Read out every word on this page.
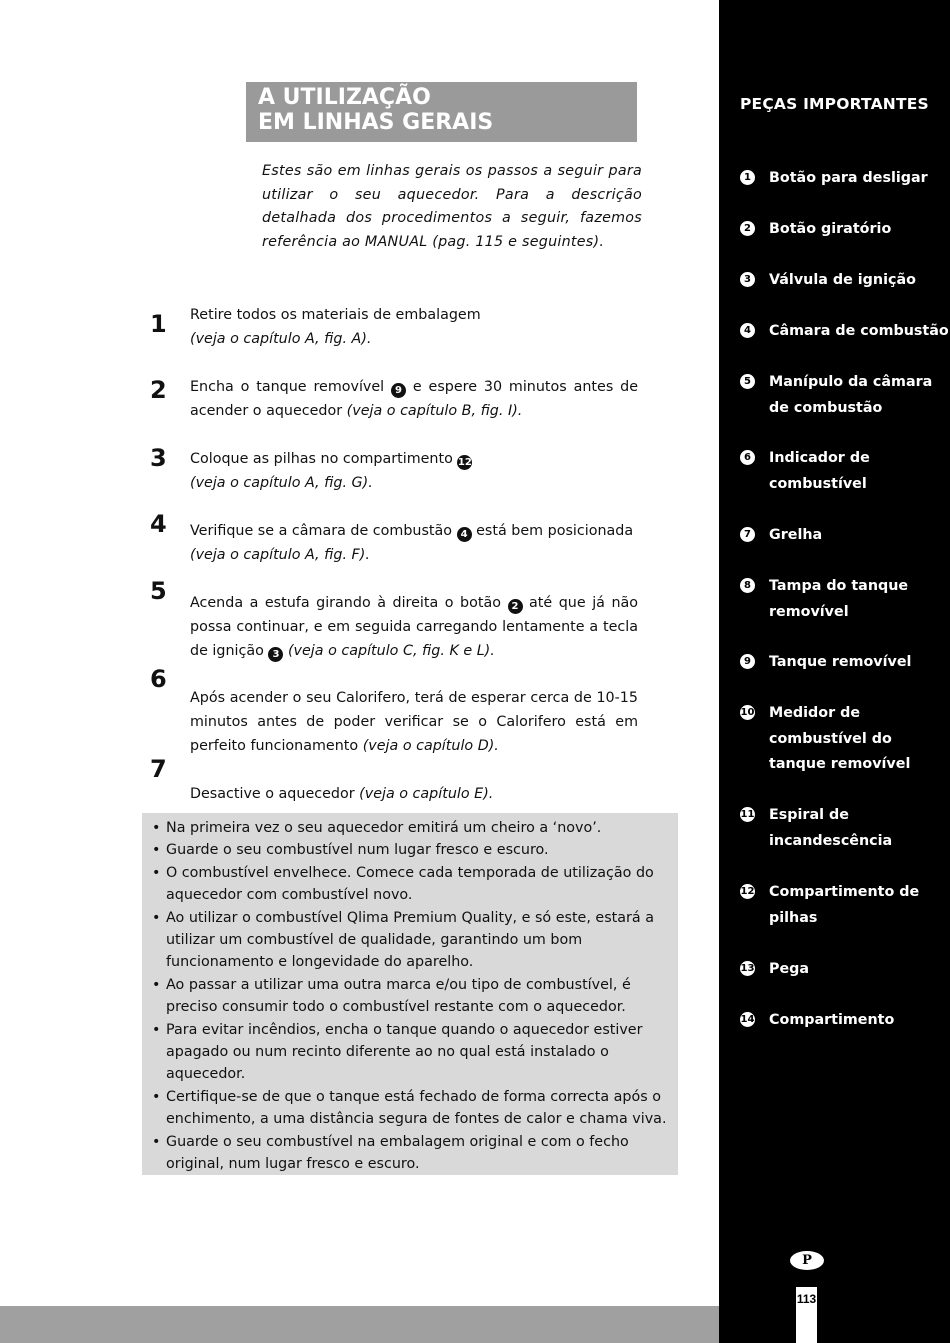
A UTILIZAÇÃO
EM LINHAS GERAIS

Estes são em linhas gerais os passos a seguir para utilizar o seu aquecedor. Para a descrição detalhada dos procedimentos a seguir, fazemos referência ao MANUAL (pag. 115 e seguintes).

1 Retire todos os materiais de embalagem
(veja o capítulo A, fig. A).

2 Encha o tanque removível 9 e espere 30 minutos antes de acender o aquecedor (veja o capítulo B, fig. I).

3 Coloque as pilhas no compartimento 12
(veja o capítulo A, fig. G).

4 Verifique se a câmara de combustão 4 está bem posicionada
(veja o capítulo A, fig. F).

5 Acenda a estufa girando à direita o botão 2 até que já não possa continuar, e em seguida carregando lentamente a tecla de ignição 3 (veja o capítulo C, fig. K e L).

6

Após acender o seu Calorifero, terá de esperar cerca de 10-15 minutos antes de poder verificar se o Calorifero está em perfeito funcionamento (veja o capítulo D).

7

Desactive o aquecedor (veja o capítulo E).

• Na primeira vez o seu aquecedor emitirá um cheiro a ‘novo’.
• Guarde o seu combustível num lugar fresco e escuro.
• O combustível envelhece. Comece cada temporada de utilização do aquecedor com combustível novo.
• Ao utilizar o combustível Qlima Premium Quality, e só este, estará a utilizar um combustível de qualidade, garantindo um bom funcionamento e longevidade do aparelho.
• Ao passar a utilizar uma outra marca e/ou tipo de combustível, é preciso consumir todo o combustível restante com o aquecedor.
• Para evitar incêndios, encha o tanque quando o aquecedor estiver apagado ou num recinto diferente ao no qual está instalado o aquecedor.
• Certifique-se de que o tanque está fechado de forma correcta após o enchimento, a uma distância segura de fontes de calor e chama viva.
• Guarde o seu combustível na embalagem original e com o fecho original, num lugar fresco e escuro.
PEÇAS IMPORTANTES
1 Botão para desligar
2 Botão giratório
3 Válvula de ignição
4 Câmara de combustão
5 Manípulo da câmara de combustão
6 Indicador de combustível
7 Grelha
8 Tampa do tanque removível
9 Tanque removível
10 Medidor de combustível do tanque removível
11 Espiral de incandescência
12 Compartimento de pilhas
13 Pega
14 Compartimento
P
113
